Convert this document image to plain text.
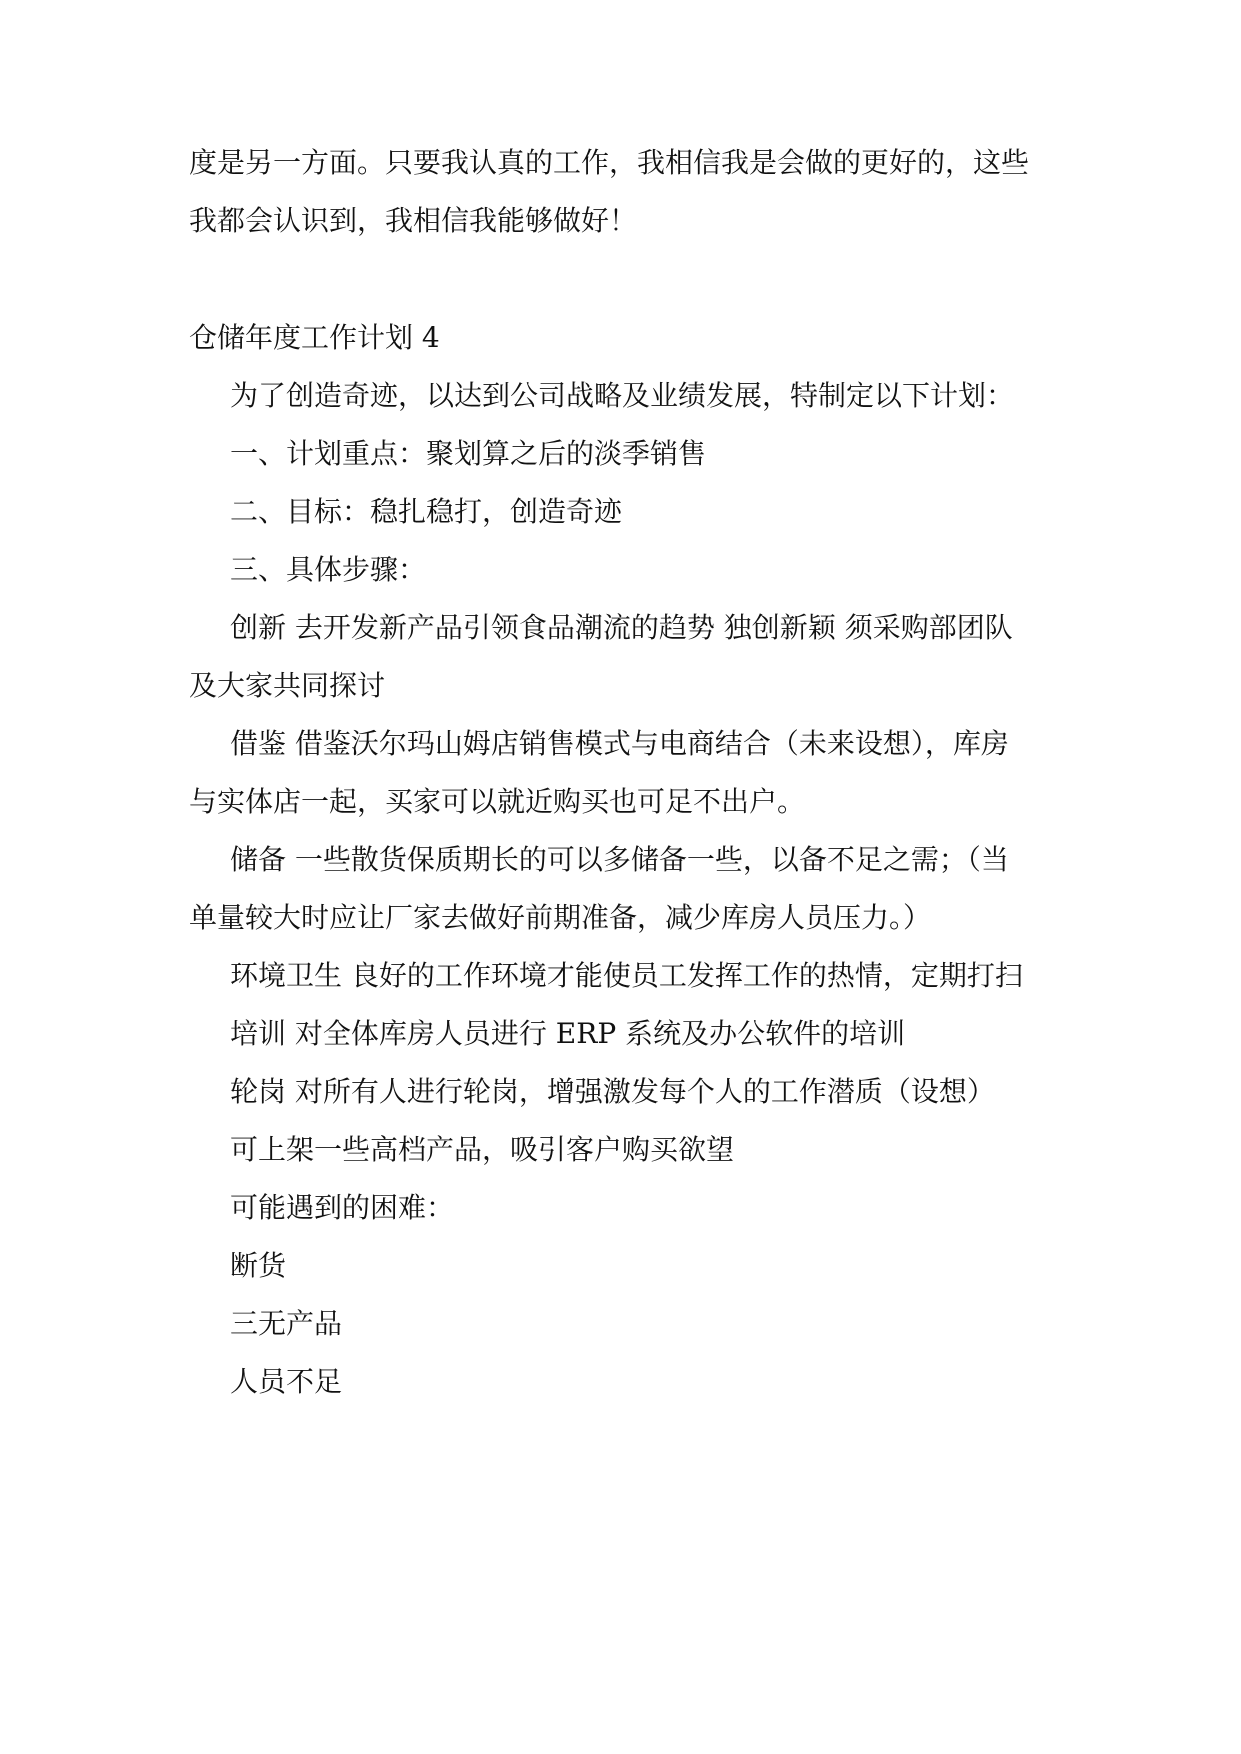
度是另一方面。只要我认真的工作，我相信我是会做的更好的，这些
我都会认识到，我相信我能够做好！
仓储年度工作计划 4
为了创造奇迹，以达到公司战略及业绩发展，特制定以下计划：
一、计划重点：聚划算之后的淡季销售
二、目标：稳扎稳打，创造奇迹
三、具体步骤：
创新 去开发新产品引领食品潮流的趋势 独创新颖 须采购部团队
及大家共同探讨
借鉴 借鉴沃尔玛山姆店销售模式与电商结合（未来设想），库房
与实体店一起，买家可以就近购买也可足不出户。
储备 一些散货保质期长的可以多储备一些，以备不足之需；（当
单量较大时应让厂家去做好前期准备，减少库房人员压力。）
环境卫生 良好的工作环境才能使员工发挥工作的热情，定期打扫
培训 对全体库房人员进行 ERP 系统及办公软件的培训
轮岗 对所有人进行轮岗，增强激发每个人的工作潜质（设想）
可上架一些高档产品，吸引客户购买欲望
可能遇到的困难：
断货
三无产品
人员不足
